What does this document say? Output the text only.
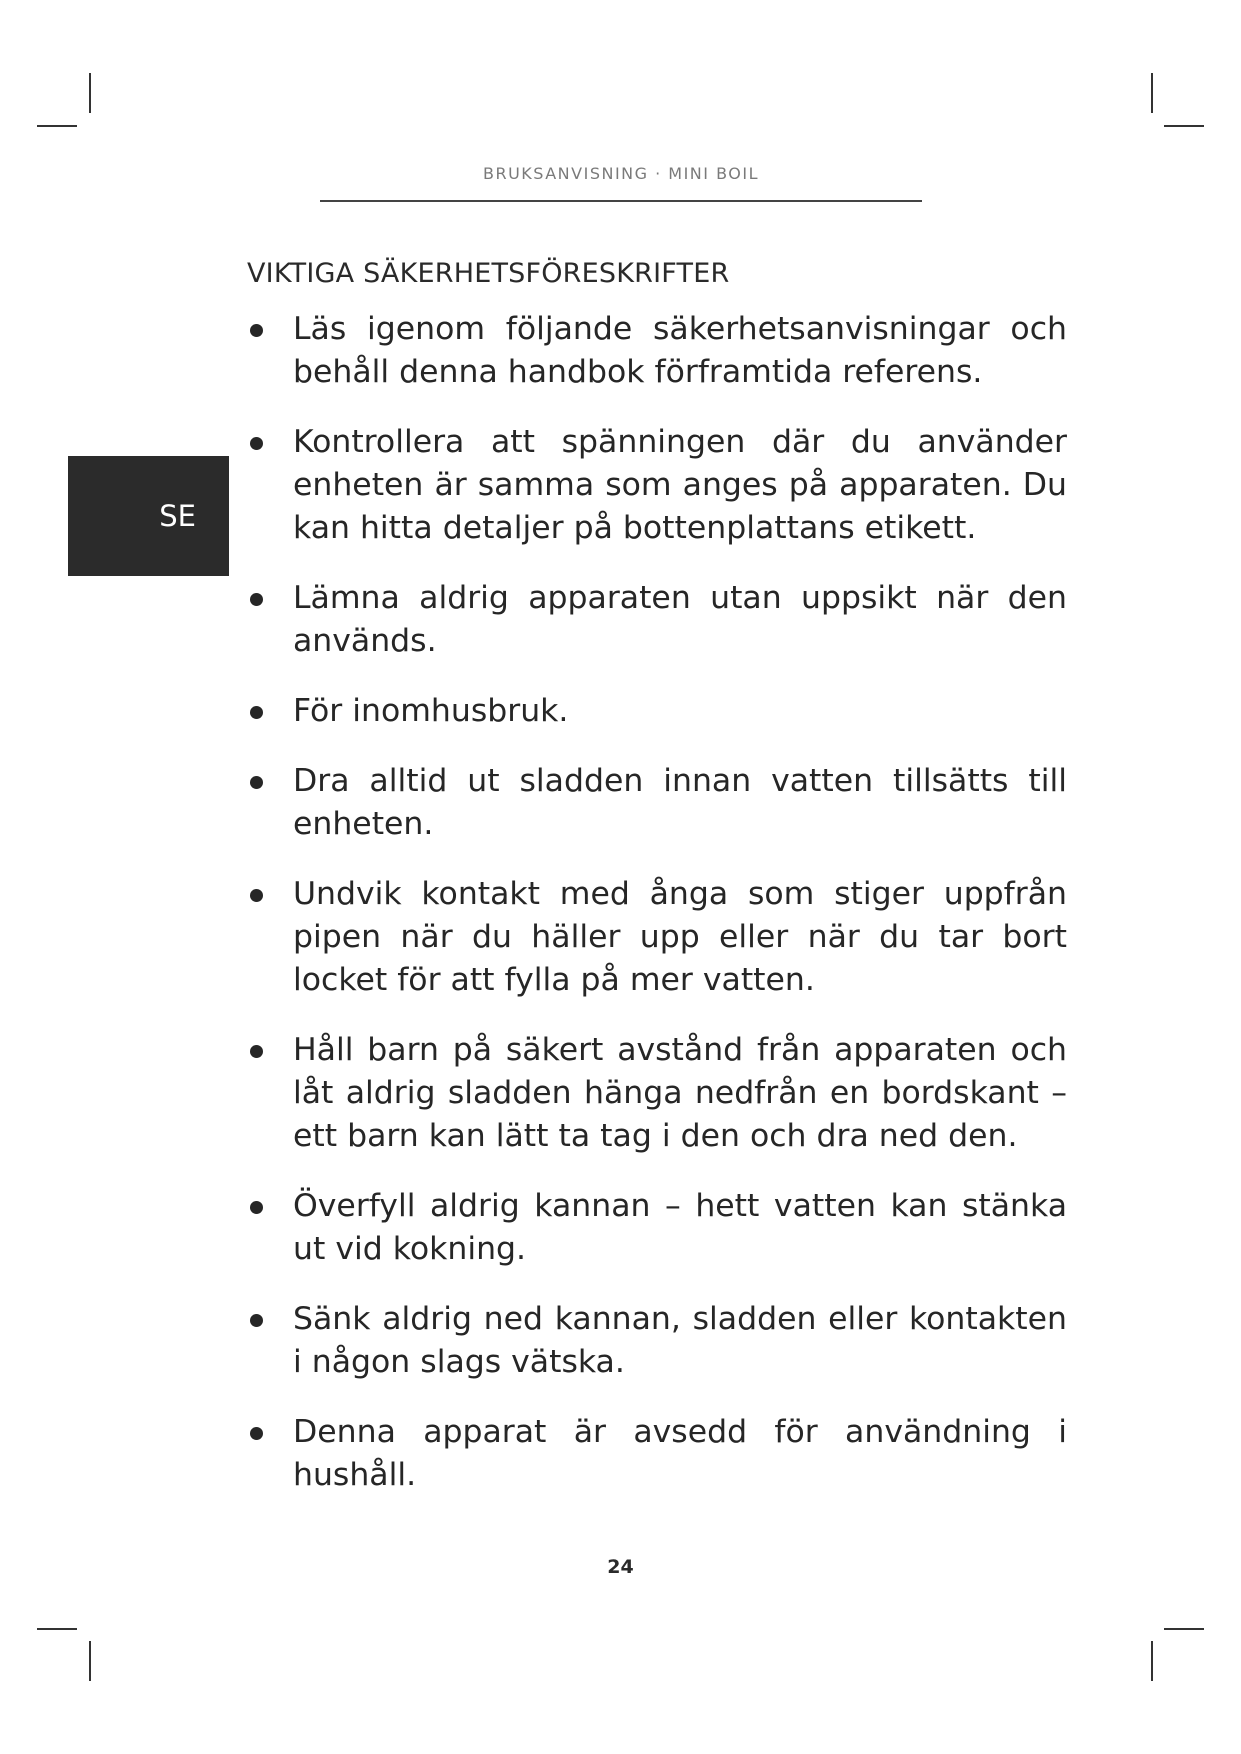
BRUKSANVISNING · MINI BOIL
SE
VIKTIGA SÄKERHETSFÖRESKRIFTER
Läs igenom följande säkerhetsanvisningar och behåll denna handbok förframtida referens.
Kontrollera att spänningen där du använder enheten är samma som anges på apparaten. Du kan hitta detaljer på bottenplattans etikett.
Lämna aldrig apparaten utan uppsikt när den används.
För inomhusbruk.
Dra alltid ut sladden innan vatten tillsätts till enheten.
Undvik kontakt med ånga som stiger uppfrån pipen när du häller upp eller när du tar bort locket för att fylla på mer vatten.
Håll barn på säkert avstånd från apparaten och låt aldrig sladden hänga nedfrån en bordskant – ett barn kan lätt ta tag i den och dra ned den.
Överfyll aldrig kannan – hett vatten kan stänka ut vid kokning.
Sänk aldrig ned kannan, sladden eller kontakten i någon slags vätska.
Denna apparat är avsedd för användning i hushåll.
24
